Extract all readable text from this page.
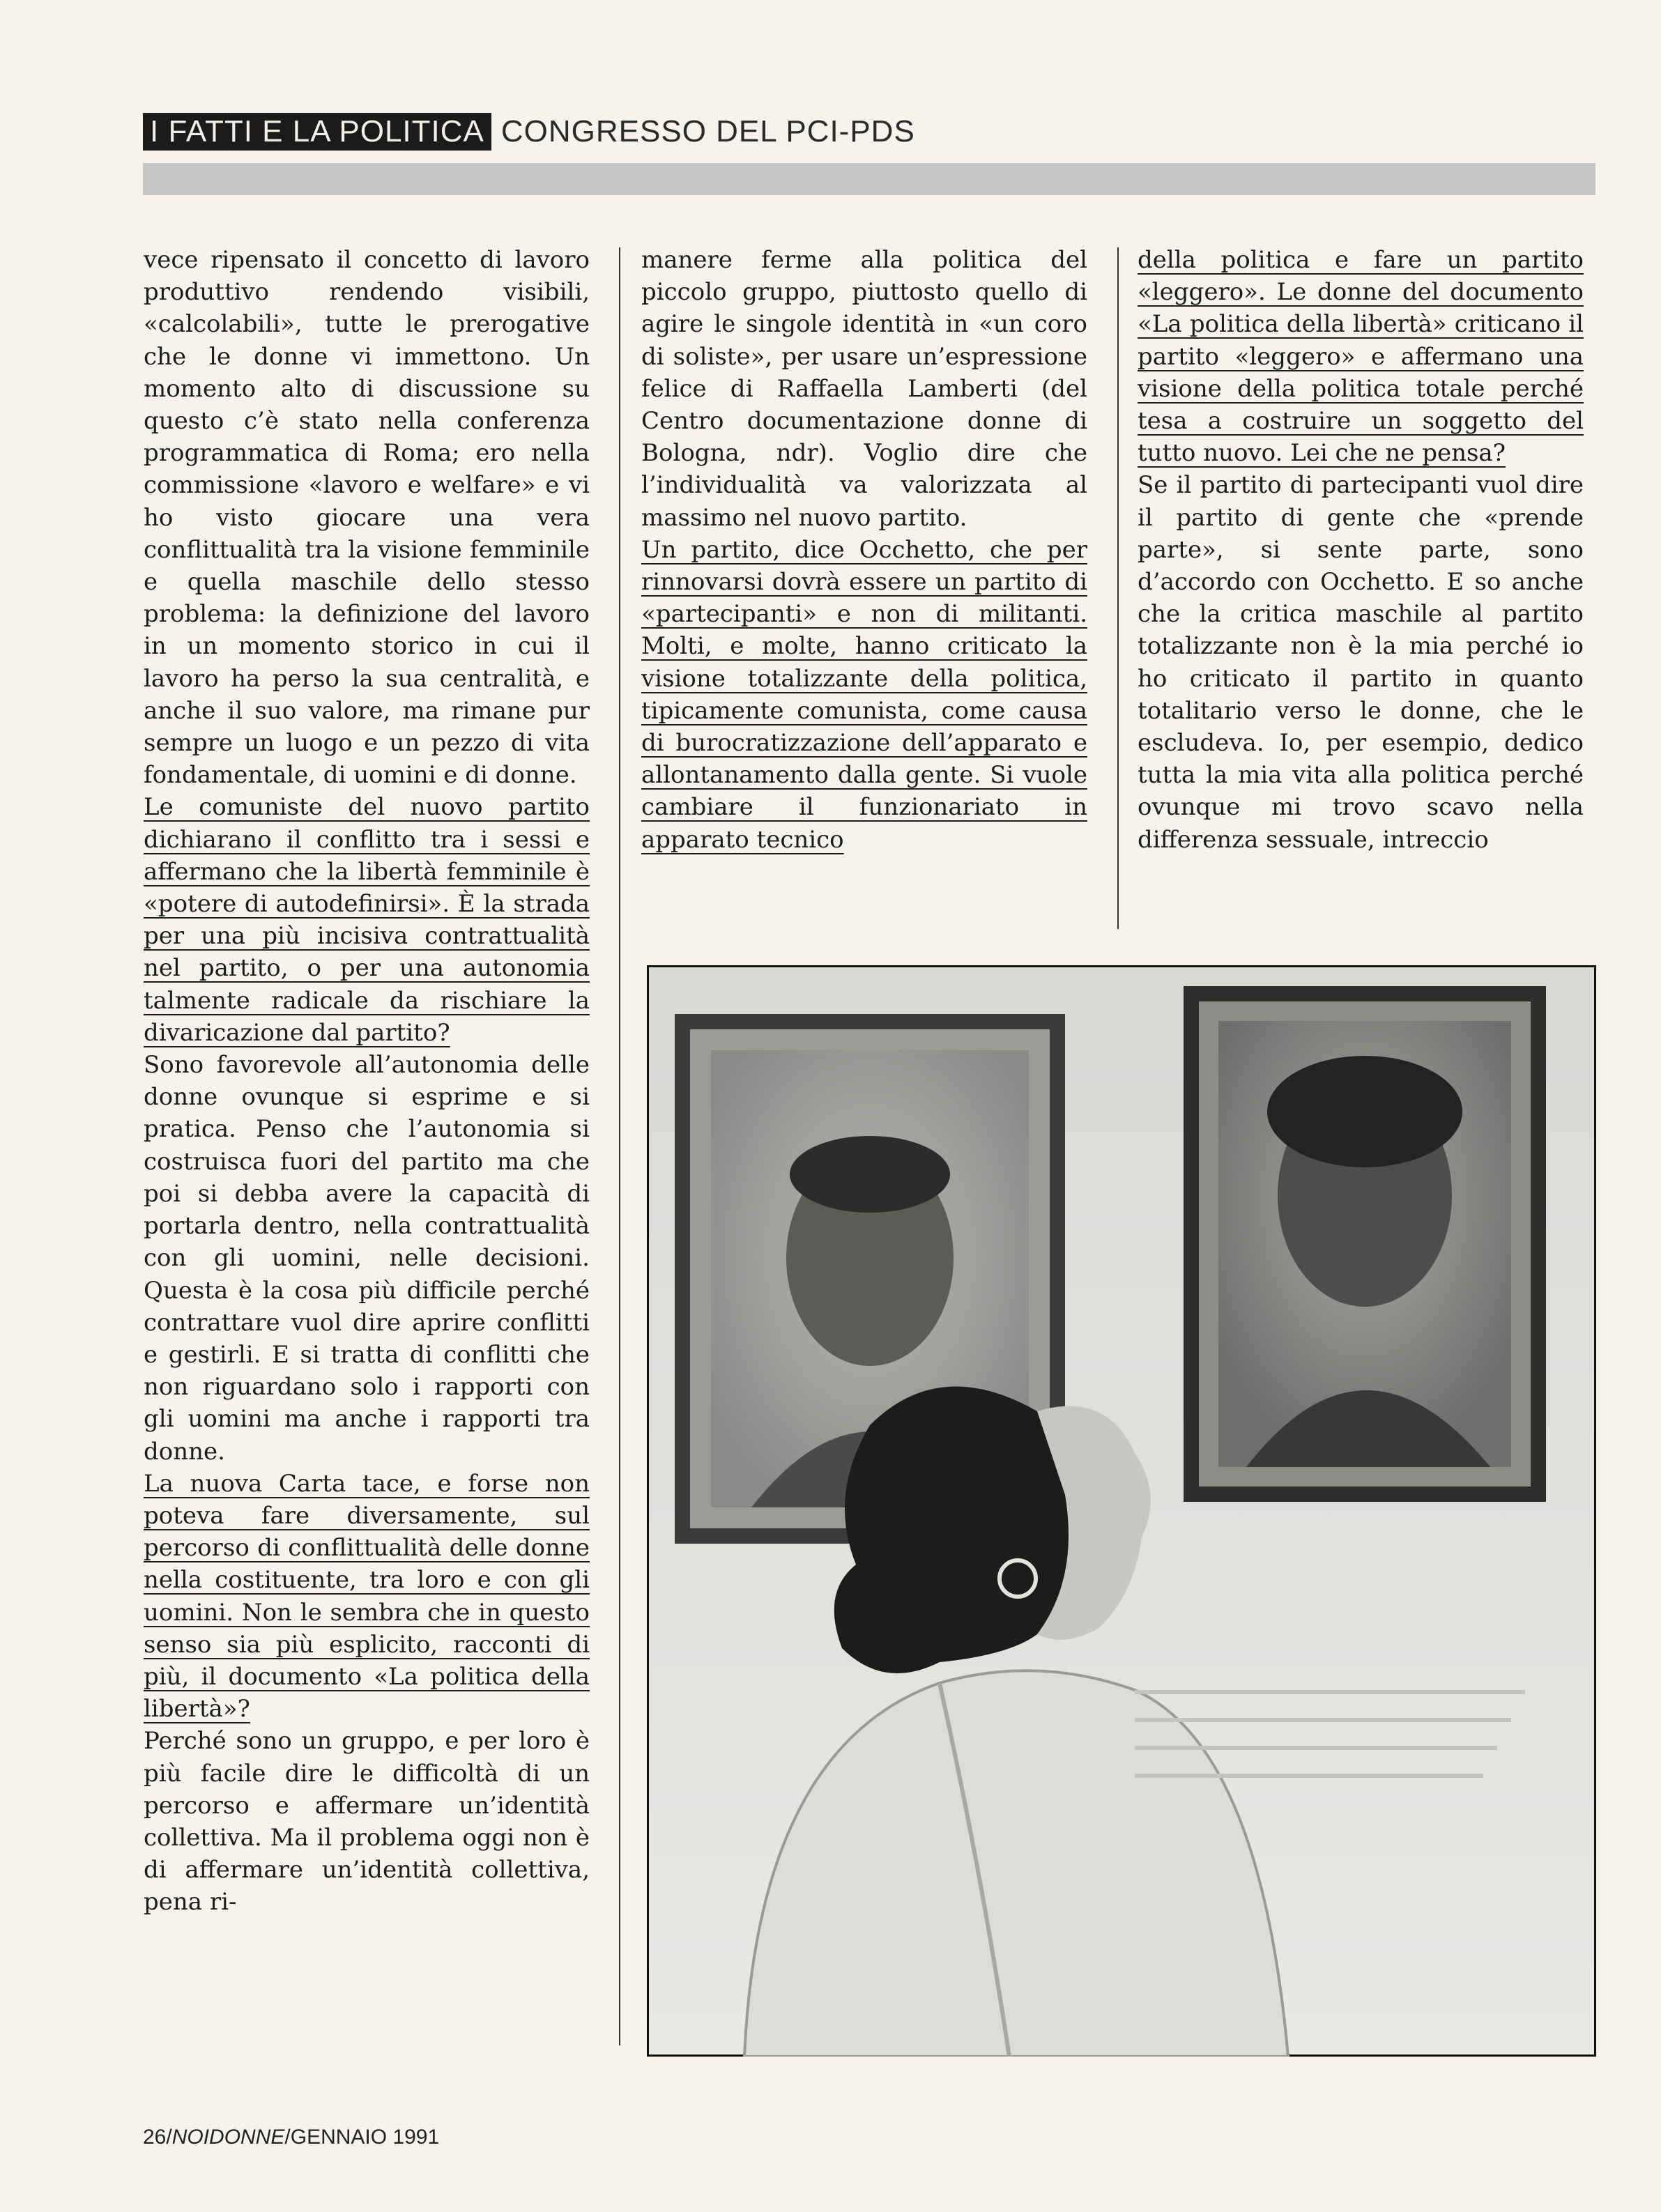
I FATTI E LA POLITICA CONGRESSO DEL PCI-PDS

vece ripensato il concetto di lavoro produttivo rendendo visibili, «calcolabili», tutte le prerogative che le donne vi immettono. Un momento alto di discussione su questo c’è stato nella conferenza programmatica di Roma; ero nella commissione «lavoro e welfare» e vi ho visto giocare una vera conflittualità tra la visione femminile e quella maschile dello stesso problema: la definizione del lavoro in un momento storico in cui il lavoro ha perso la sua centralità, e anche il suo valore, ma rimane pur sempre un luogo e un pezzo di vita fondamentale, di uomini e di donne.

Le comuniste del nuovo partito dichiarano il conflitto tra i sessi e affermano che la libertà femminile è «potere di autodefinirsi». È la strada per una più incisiva contrattualità nel partito, o per una autonomia talmente radicale da rischiare la divaricazione dal partito?

Sono favorevole all’autonomia delle donne ovunque si esprime e si pratica. Penso che l’autonomia si costruisca fuori del partito ma che poi si debba avere la capacità di portarla dentro, nella contrattualità con gli uomini, nelle decisioni. Questa è la cosa più difficile perché contrattare vuol dire aprire conflitti e gestirli. E si tratta di conflitti che non riguardano solo i rapporti con gli uomini ma anche i rapporti tra donne.

La nuova Carta tace, e forse non poteva fare diversamente, sul percorso di conflittualità delle donne nella costituente, tra loro e con gli uomini. Non le sembra che in questo senso sia più esplicito, racconti di più, il documento «La politica della libertà»?

Perché sono un gruppo, e per loro è più facile dire le difficoltà di un percorso e affermare un’identità collettiva. Ma il problema oggi non è di affermare un’identità collettiva, pena ri-

manere ferme alla politica del piccolo gruppo, piuttosto quello di agire le singole identità in «un coro di soliste», per usare un’espressione felice di Raffaella Lamberti (del Centro documentazione donne di Bologna, ndr). Voglio dire che l’individualità va valorizzata al massimo nel nuovo partito.

Un partito, dice Occhetto, che per rinnovarsi dovrà essere un partito di «partecipanti» e non di militanti. Molti, e molte, hanno criticato la visione totalizzante della politica, tipicamente comunista, come causa di burocratizzazione dell’apparato e allontanamento dalla gente. Si vuole cambiare il funzionariato in apparato tecnico

della politica e fare un partito «leggero». Le donne del documento «La politica della libertà» criticano il partito «leggero» e affermano una visione della politica totale perché tesa a costruire un soggetto del tutto nuovo. Lei che ne pensa?

Se il partito di partecipanti vuol dire il partito di gente che «prende parte», si sente parte, sono d’accordo con Occhetto. E so anche che la critica maschile al partito totalizzante non è la mia perché io ho criticato il partito in quanto totalitario verso le donne, che le escludeva. Io, per esempio, dedico tutta la mia vita alla politica perché ovunque mi trovo scavo nella differenza sessuale, intreccio

26/NOIDONNE/GENNAIO 1991
